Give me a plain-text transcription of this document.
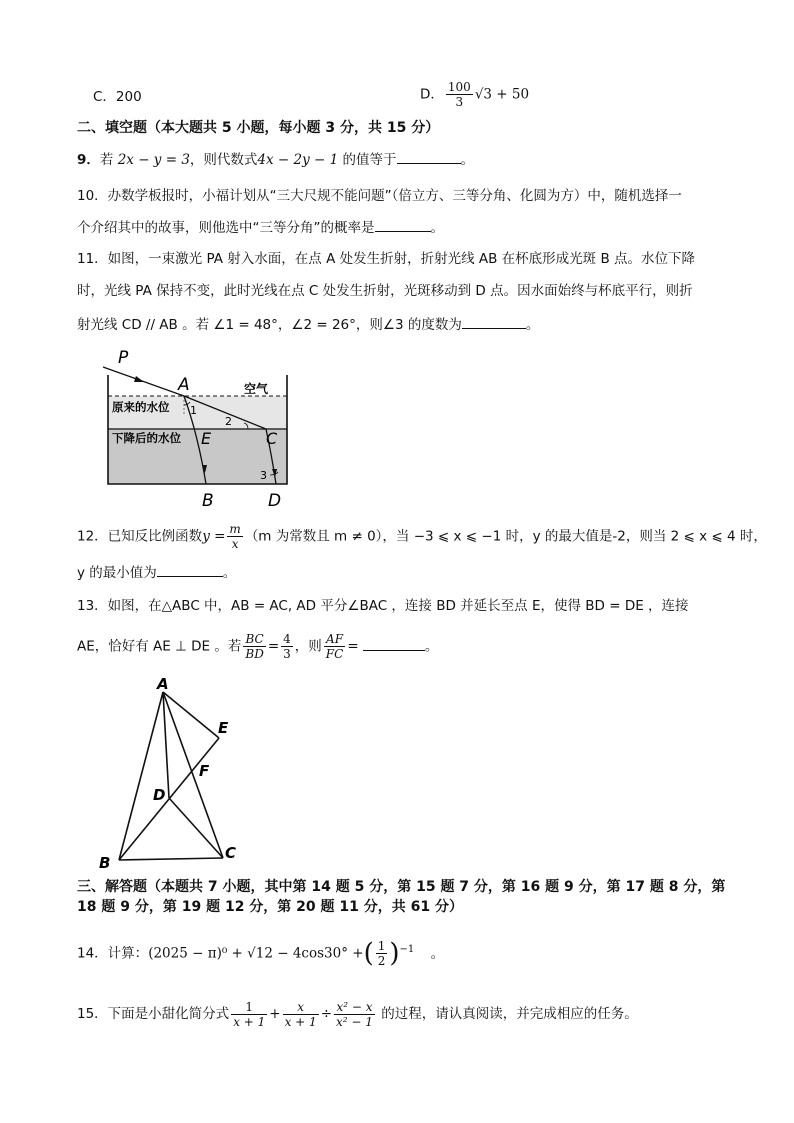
C．200	D． $\frac{100}{3} √3 + 50$
二、填空题（本大题共 5 小题，每小题 3 分，共 15 分）
9．若 2x − y = 3，则代数式4x − 2y − 1 的值等于	。
10．办数学板报时，小福计划从“三大尺规不能问题”（倍立方、三等分角、化圆为方）中，随机选择一
个介绍其中的故事，则他选中“三等分角”的概率是	。
11．如图，一束激光 PA 射入水面，在点 A 处发生折射，折射光线 AB 在杯底形成光斑 B 点。水位下降
时，光线 PA 保持不变，此时光线在点 C 处发生折射，光斑移动到 D 点。因水面始终与杯底平行，则折
射光线 CD // AB 。若 ∠1 = 48°，∠2 = 26°，则∠3 的度数为	。
P
A	空气
原来的水位
下降后的水位
1
2
E	C
3
B	D
12．已知反比例函数$y = \frac{m}{x} (m$ 为常数且 m ≠ 0），当 −3 ⩽ x ⩽ −1 时，y 的最大值是-2，则当 2 ⩽ x ⩽ 4 时，
y 的最小值为	。
13．如图，在△ABC 中，AB = AC, AD 平分∠BAC ，连接 BD 并延长至点 E，使得 BD = DE ，连接
AE，恰好有 AE ⊥ DE 。若 $\frac{BC}{BD} = \frac{4}{3}$ ，则 $\frac{AF}{FC}$ =	。
A
E
F
D
B
C
三、解答题（本题共 7 小题，其中第 14 题 5 分，第 15 题 7 分，第 16 题 9 分，第 17 题 8 分，第
18 题 9 分，第 19 题 12 分，第 20 题 11 分，共 61 分）
14．计算：(2025 − π)⁰ + √12 − 4cos30° +( $\frac{1}{2} )^{-1}$ 。
15．下面是小甜化简分式 $\frac{1}{x + 1} + \frac{x}{x + 1} \div \frac{\text{x² − x}}{\text{x² − 1}}$ 的过程，请认真阅读，并完成相应的任务。
